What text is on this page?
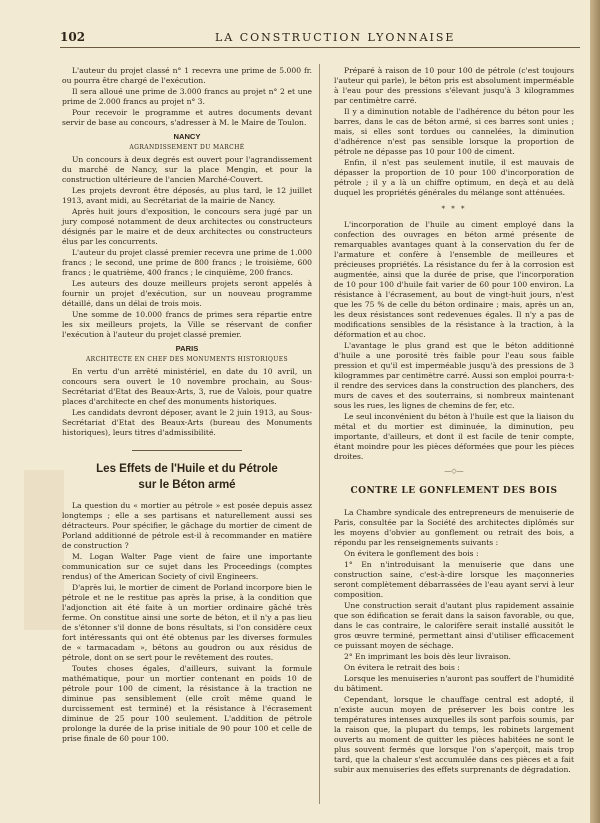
102	LA CONSTRUCTION LYONNAISE

L'auteur du projet classé n° 1 recevra une prime de 5.000 fr. ou pourra être chargé de l'exécution.

Il sera alloué une prime de 3.000 francs au projet n° 2 et une prime de 2.000 francs au projet n° 3.

Pour recevoir le programme et autres documents devant servir de base au concours, s'adresser à M. le Maire de Toulon.

NANCY
AGRANDISSEMENT DU MARCHÉ

Un concours à deux degrés est ouvert pour l'agrandissement du marché de Nancy, sur la place Mengin, et pour la construction ultérieure de l'ancien Marché-Couvert.

Les projets devront être déposés, au plus tard, le 12 juillet 1913, avant midi, au Secrétariat de la mairie de Nancy.

Après huit jours d'exposition, le concours sera jugé par un jury composé notamment de deux architectes ou constructeurs désignés par le maire et de deux architectes ou constructeurs élus par les concurrents.

L'auteur du projet classé premier recevra une prime de 1.000 francs ; le second, une prime de 800 francs ; le troisième, 600 francs ; le quatrième, 400 francs ; le cinquième, 200 francs.

Les auteurs des douze meilleurs projets seront appelés à fournir un projet d'exécution, sur un nouveau programme détaillé, dans un délai de trois mois.

Une somme de 10.000 francs de primes sera répartie entre les six meilleurs projets, la Ville se réservant de confier l'exécution à l'auteur du projet classé premier.

PARIS
ARCHITECTE EN CHEF DES MONUMENTS HISTORIQUES

En vertu d'un arrêté ministériel, en date du 10 avril, un concours sera ouvert le 10 novembre prochain, au Sous-Secrétariat d'Etat des Beaux-Arts, 3, rue de Valois, pour quatre places d'architecte en chef des monuments historiques.

Les candidats devront déposer, avant le 2 juin 1913, au Sous-Secrétariat d'Etat des Beaux-Arts (bureau des Monuments historiques), leurs titres d'admissibilité.

Les Effets de l'Huile et du Pétrole
sur le Béton armé

La question du « mortier au pétrole » est posée depuis assez longtemps ; elle a ses partisans et naturellement aussi ses détracteurs. Pour spécifier, le gâchage du mortier de ciment de Porland additionné de pétrole est-il à recommander en matière de construction ?

M. Logan Walter Page vient de faire une importante communication sur ce sujet dans les Proceedings (comptes rendus) of the American Society of civil Engineers.

D'après lui, le mortier de ciment de Porland incorpore bien le pétrole et ne le restitue pas après la prise, à la condition que l'adjonction ait été faite à un mortier ordinaire gâché très ferme. On constitue ainsi une sorte de béton, et il n'y a pas lieu de s'étonner s'il donne de bons résultats, si l'on considère ceux fort intéressants qui ont été obtenus par les diverses formules de « tarmacadam », bétons au goudron ou aux résidus de pétrole, dont on se sert pour le revêtement des routes.

Toutes choses égales, d'ailleurs, suivant la formule mathématique, pour un mortier contenant en poids 10 de pétrole pour 100 de ciment, la résistance à la traction ne diminue pas sensiblement (elle croît même quand le durcissement est terminé) et la résistance à l'écrasement diminue de 25 pour 100 seulement. L'addition de pétrole prolonge la durée de la prise initiale de 90 pour 100 et celle de prise finale de 60 pour 100.

Préparé à raison de 10 pour 100 de pétrole (c'est toujours l'auteur qui parle), le béton pris est absolument imperméable à l'eau pour des pressions s'élevant jusqu'à 3 kilogrammes par centimètre carré.

Il y a diminution notable de l'adhérence du béton pour les barres, dans le cas de béton armé, si ces barres sont unies ; mais, si elles sont tordues ou cannelées, la diminution d'adhérence n'est pas sensible lorsque la proportion de pétrole ne dépasse pas 10 pour 100 de ciment.

Enfin, il n'est pas seulement inutile, il est mauvais de dépasser la proportion de 10 pour 100 d'incorporation de pétrole ; il y a là un chiffre optimum, en deçà et au delà duquel les propriétés générales du mélange sont atténuées.

* * *

L'incorporation de l'huile au ciment employé dans la confection des ouvrages en béton armé présente de remarquables avantages quant à la conservation du fer de l'armature et confère à l'ensemble de meilleures et précieuses propriétés. La résistance du fer à la corrosion est augmentée, ainsi que la durée de prise, que l'incorporation de 10 pour 100 d'huile fait varier de 60 pour 100 environ. La résistance à l'écrasement, au bout de vingt-huit jours, n'est que les 75 % de celle du béton ordinaire ; mais, après un an, les deux résistances sont redevenues égales. Il n'y a pas de modifications sensibles de la résistance à la traction, à la déformation et au choc.

L'avantage le plus grand est que le béton additionné d'huile a une porosité très faible pour l'eau sous faible pression et qu'il est imperméable jusqu'à des pressions de 3 kilogrammes par centimètre carré. Aussi son emploi pourra-t-il rendre des services dans la construction des planchers, des murs de caves et des souterrains, si nombreux maintenant sous les rues, les lignes de chemins de fer, etc.

Le seul inconvénient du béton à l'huile est que la liaison du métal et du mortier est diminuée, la diminution, peu importante, d'ailleurs, et dont il est facile de tenir compte, étant moindre pour les pièces déformées que pour les pièces droites.

—◇—
CONTRE LE GONFLEMENT DES BOIS

La Chambre syndicale des entrepreneurs de menuiserie de Paris, consultée par la Société des architectes diplômés sur les moyens d'obvier au gonflement ou retrait des bois, a répondu par les renseignements suivants :

On évitera le gonflement des bois :

1° En n'introduisant la menuiserie que dans une construction saine, c'est-à-dire lorsque les maçonneries seront complètement débarrassées de l'eau ayant servi à leur composition.

Une construction serait d'autant plus rapidement assainie que son édification se ferait dans la saison favorable, ou que, dans le cas contraire, le calorifère serait installé aussitôt le gros œuvre terminé, permettant ainsi d'utiliser efficacement ce puissant moyen de séchage.

2° En imprimant les bois dès leur livraison.

On évitera le retrait des bois :

Lorsque les menuiseries n'auront pas souffert de l'humidité du bâtiment.

Cependant, lorsque le chauffage central est adopté, il n'existe aucun moyen de préserver les bois contre les températures intenses auxquelles ils sont parfois soumis, par la raison que, la plupart du temps, les robinets largement ouverts au moment de quitter les pièces habitées ne sont le plus souvent fermés que lorsque l'on s'aperçoit, mais trop tard, que la chaleur s'est accumulée dans ces pièces et a fait subir aux menuiseries des effets surprenants de dégradation.
